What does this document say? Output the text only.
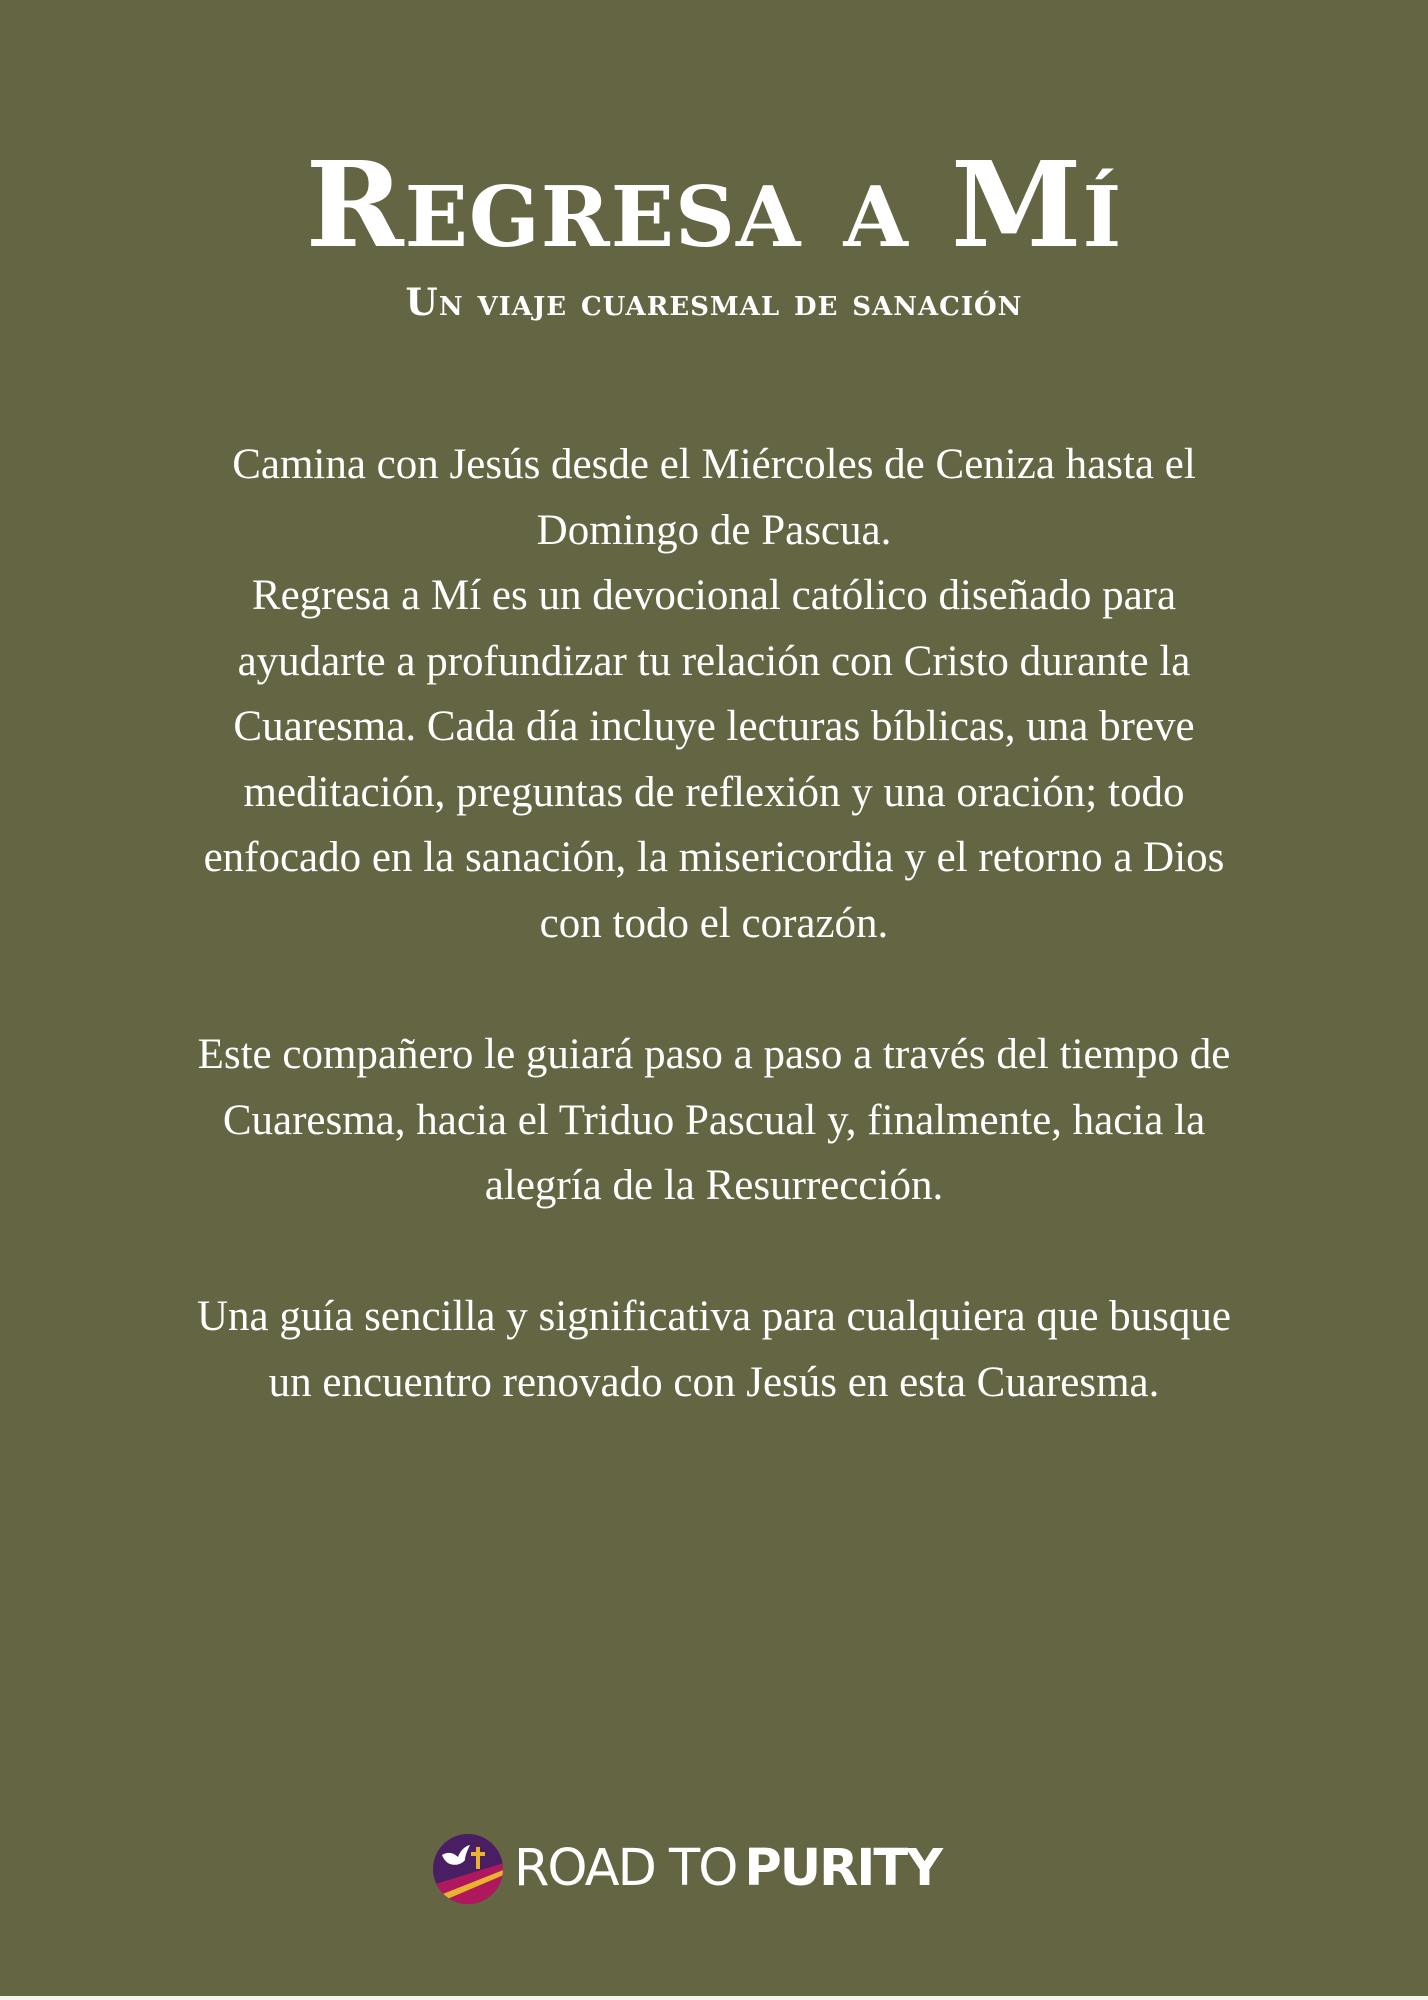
Regresa a Mí
Un viaje cuaresmal de sanación

Camina con Jesús desde el Miércoles de Ceniza hasta el
Domingo de Pascua.
Regresa a Mí es un devocional católico diseñado para
ayudarte a profundizar tu relación con Cristo durante la
Cuaresma. Cada día incluye lecturas bíblicas, una breve
meditación, preguntas de reflexión y una oración; todo
enfocado en la sanación, la misericordia y el retorno a Dios
con todo el corazón.

Este compañero le guiará paso a paso a través del tiempo de
Cuaresma, hacia el Triduo Pascual y, finalmente, hacia la
alegría de la Resurrección.

Una guía sencilla y significativa para cualquiera que busque
un encuentro renovado con Jesús en esta Cuaresma.

ROAD TO PURITY
